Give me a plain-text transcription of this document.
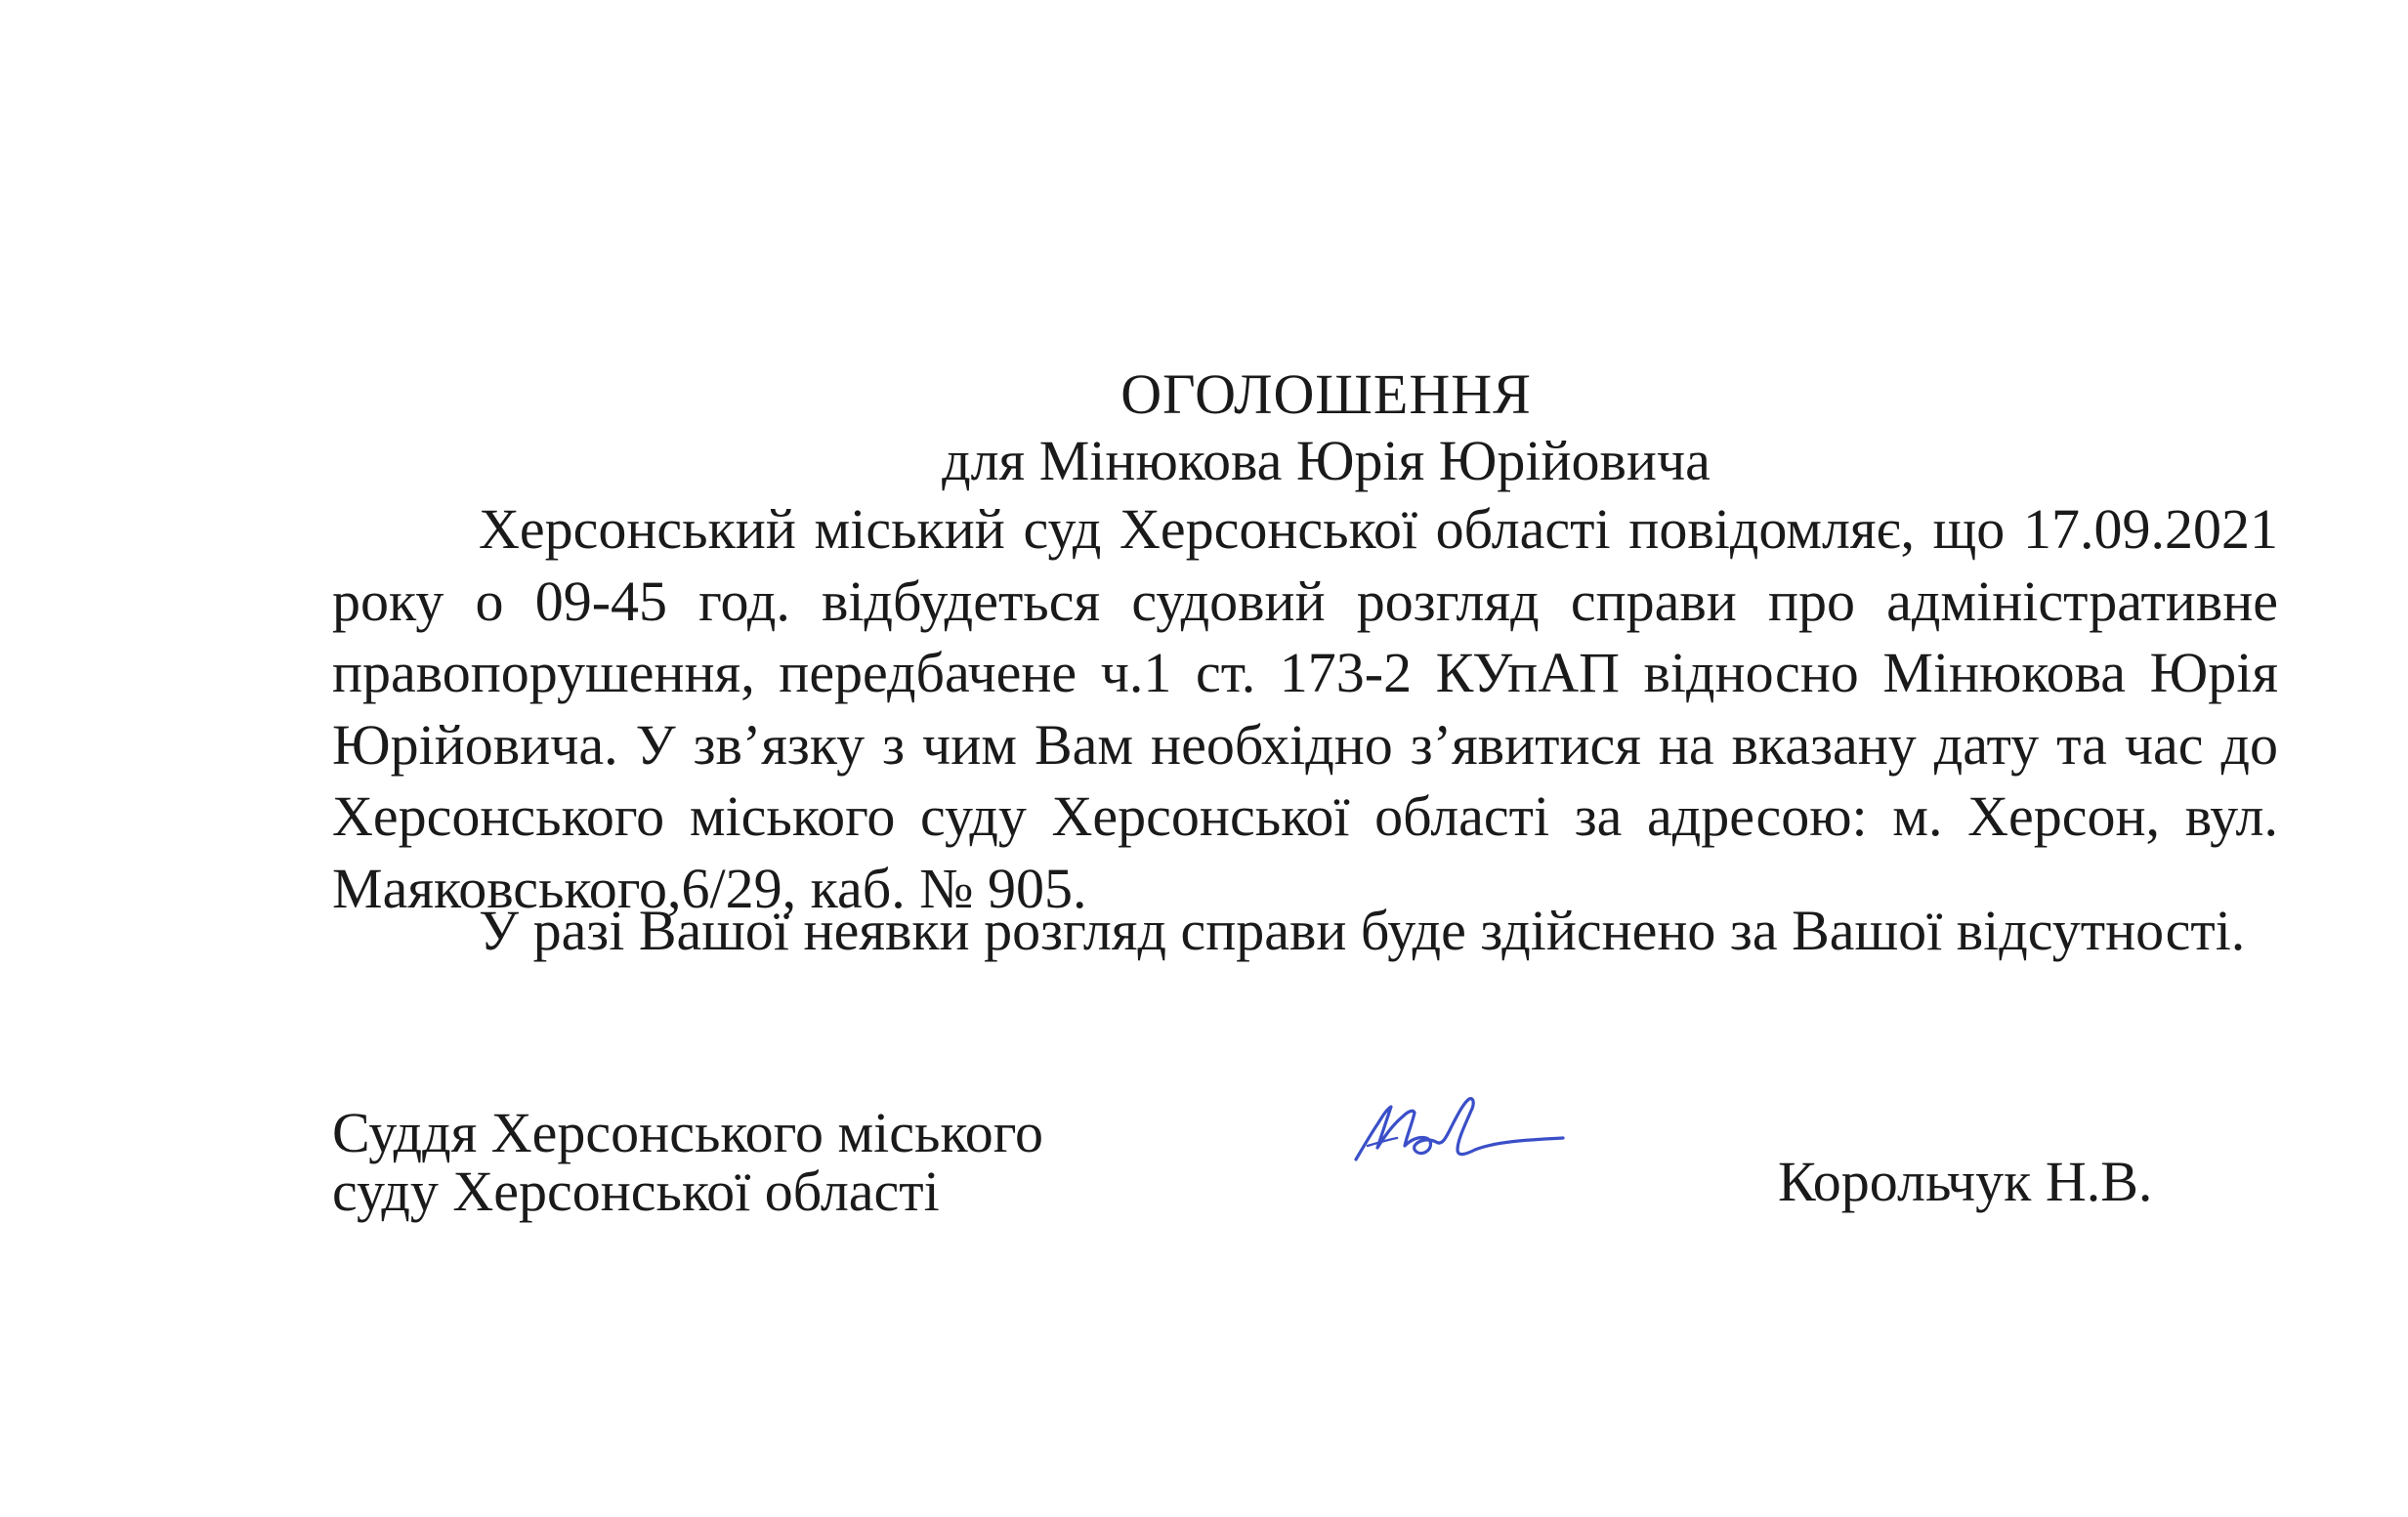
ОГОЛОШЕННЯ
для Мінюкова Юрія Юрійовича

Херсонський міський суд Херсонської області повідомляє, що 17.09.2021 року о 09-45 год. відбудеться судовий розгляд справи про адміністративне правопорушення, передбачене ч.1 ст. 173-2 КУпАП відносно Мінюкова Юрія Юрійовича. У зв’язку з чим Вам необхідно з’явитися на вказану дату та час до Херсонського міського суду Херсонської області за адресою: м. Херсон, вул. Маяковського,6/29, каб. № 905.

У разі Вашої неявки розгляд справи буде здійснено за Вашої відсутності.

Суддя Херсонського міського
суду Херсонської області	Корольчук Н.В.
